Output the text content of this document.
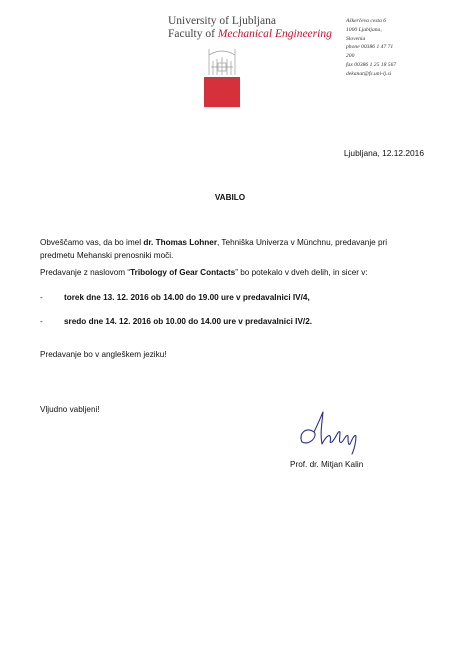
University of Ljubljana
Faculty of Mechanical Engineering
Aškerčeva cesta 6
1000 Ljubljana,
Slovenia
phone 00386 1 47 71
200
fax 00386 1 25 18 567
dekanat@fs.uni-lj.si
Ljubljana, 12.12.2016
VABILO
Obveščamo vas, da bo imel dr. Thomas Lohner, Tehniška Univerza v Münchnu, predavanje pri predmetu Mehanski prenosniki moči.
Predavanje z naslovom “Tribology of Gear Contacts” bo potekalo v dveh delih, in sicer v:
-	torek dne 13. 12. 2016 ob 14.00 do 19.00 ure v predavalnici IV/4,
-	sredo dne 14. 12. 2016 ob 10.00 do 14.00 ure v predavalnici IV/2.
Predavanje bo v angleškem jeziku!
Vljudno vabljeni!
Prof. dr. Mitjan Kalin
